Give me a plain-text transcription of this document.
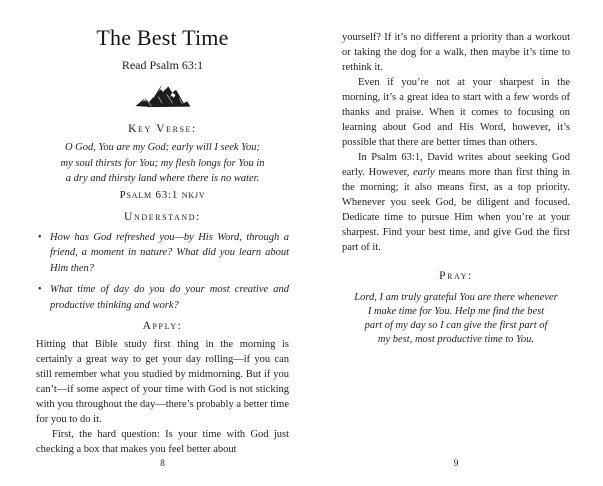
The Best Time
Read Psalm 63:1
Key Verse:
O God, You are my God; early will I seek You;
my soul thirsts for You; my flesh longs for You in
a dry and thirsty land where there is no water.
Psalm 63:1 nkjv
Understand:
• How has God refreshed you—by His Word, through a friend, a moment in nature? What did you learn about Him then?
• What time of day do you do your most creative and productive thinking and work?
Apply:
Hitting that Bible study first thing in the morning is certainly a great way to get your day rolling—if you can still remember what you studied by midmorning. But if you can’t—if some aspect of your time with God is not sticking with you throughout the day—there’s probably a better time for you to do it.
First, the hard question: Is your time with God just checking a box that makes you feel better about
8
yourself? If it’s no different a priority than a workout or taking the dog for a walk, then maybe it’s time to rethink it.
Even if you’re not at your sharpest in the morning, it’s a great idea to start with a few words of thanks and praise. When it comes to focusing on learning about God and His Word, however, it’s possible that there are better times than others.
In Psalm 63:1, David writes about seeking God early. However, early means more than first thing in the morning; it also means first, as a top priority. Whenever you seek God, be diligent and focused. Dedicate time to pursue Him when you’re at your sharpest. Find your best time, and give God the first part of it.
Pray:
Lord, I am truly grateful You are there whenever
I make time for You. Help me find the best
part of my day so I can give the first part of
my best, most productive time to You.
9
